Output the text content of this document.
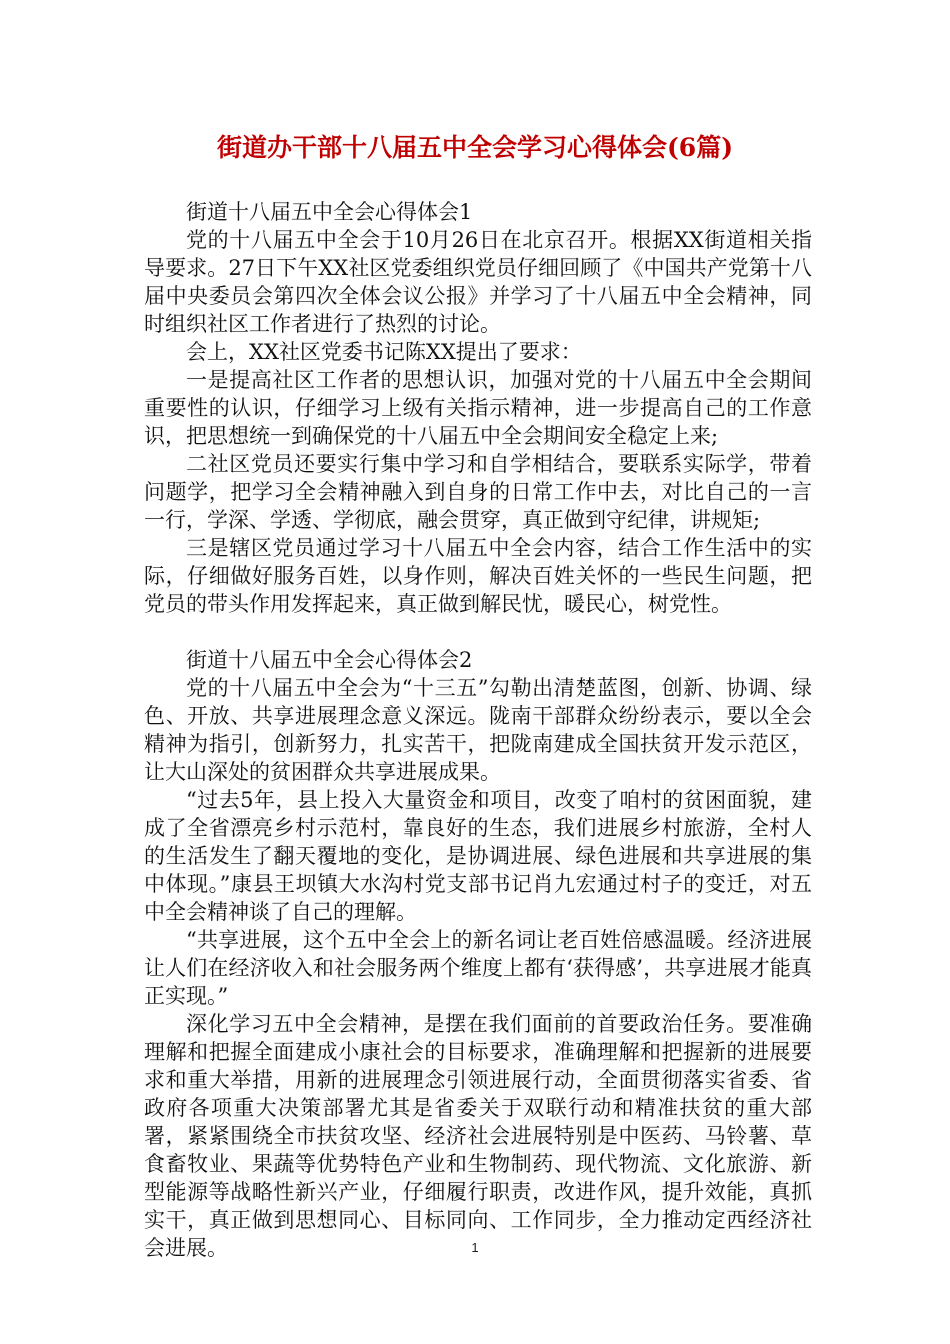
街道办干部十八届五中全会学习心得体会(6篇)

街道十八届五中全会心得体会1

党的十八届五中全会于10月26日在北京召开。根据XX街道相关指导要求。27日下午XX社区党委组织党员仔细回顾了《中国共产党第十八届中央委员会第四次全体会议公报》并学习了十八届五中全会精神，同时组织社区工作者进行了热烈的讨论。

会上，XX社区党委书记陈XX提出了要求：

一是提高社区工作者的思想认识，加强对党的十八届五中全会期间重要性的认识，仔细学习上级有关指示精神，进一步提高自己的工作意识，把思想统一到确保党的十八届五中全会期间安全稳定上来;

二社区党员还要实行集中学习和自学相结合，要联系实际学，带着问题学，把学习全会精神融入到自身的日常工作中去，对比自己的一言一行，学深、学透、学彻底，融会贯穿，真正做到守纪律，讲规矩;

三是辖区党员通过学习十八届五中全会内容，结合工作生活中的实际，仔细做好服务百姓，以身作则，解决百姓关怀的一些民生问题，把党员的带头作用发挥起来，真正做到解民忧，暖民心，树党性。

街道十八届五中全会心得体会2

党的十八届五中全会为“十三五”勾勒出清楚蓝图，创新、协调、绿色、开放、共享进展理念意义深远。陇南干部群众纷纷表示，要以全会精神为指引，创新努力，扎实苦干，把陇南建成全国扶贫开发示范区，让大山深处的贫困群众共享进展成果。

“过去5年，县上投入大量资金和项目，改变了咱村的贫困面貌，建成了全省漂亮乡村示范村，靠良好的生态，我们进展乡村旅游，全村人的生活发生了翻天覆地的变化，是协调进展、绿色进展和共享进展的集中体现。”康县王坝镇大水沟村党支部书记肖九宏通过村子的变迁，对五中全会精神谈了自己的理解。

“共享进展，这个五中全会上的新名词让老百姓倍感温暖。经济进展让人们在经济收入和社会服务两个维度上都有‘获得感’，共享进展才能真正实现。”

深化学习五中全会精神，是摆在我们面前的首要政治任务。要准确理解和把握全面建成小康社会的目标要求，准确理解和把握新的进展要求和重大举措，用新的进展理念引领进展行动，全面贯彻落实省委、省政府各项重大决策部署尤其是省委关于双联行动和精准扶贫的重大部署，紧紧围绕全市扶贫攻坚、经济社会进展特别是中医药、马铃薯、草食畜牧业、果蔬等优势特色产业和生物制药、现代物流、文化旅游、新型能源等战略性新兴产业，仔细履行职责，改进作风，提升效能，真抓实干，真正做到思想同心、目标同向、工作同步，全力推动定西经济社会进展。	1
